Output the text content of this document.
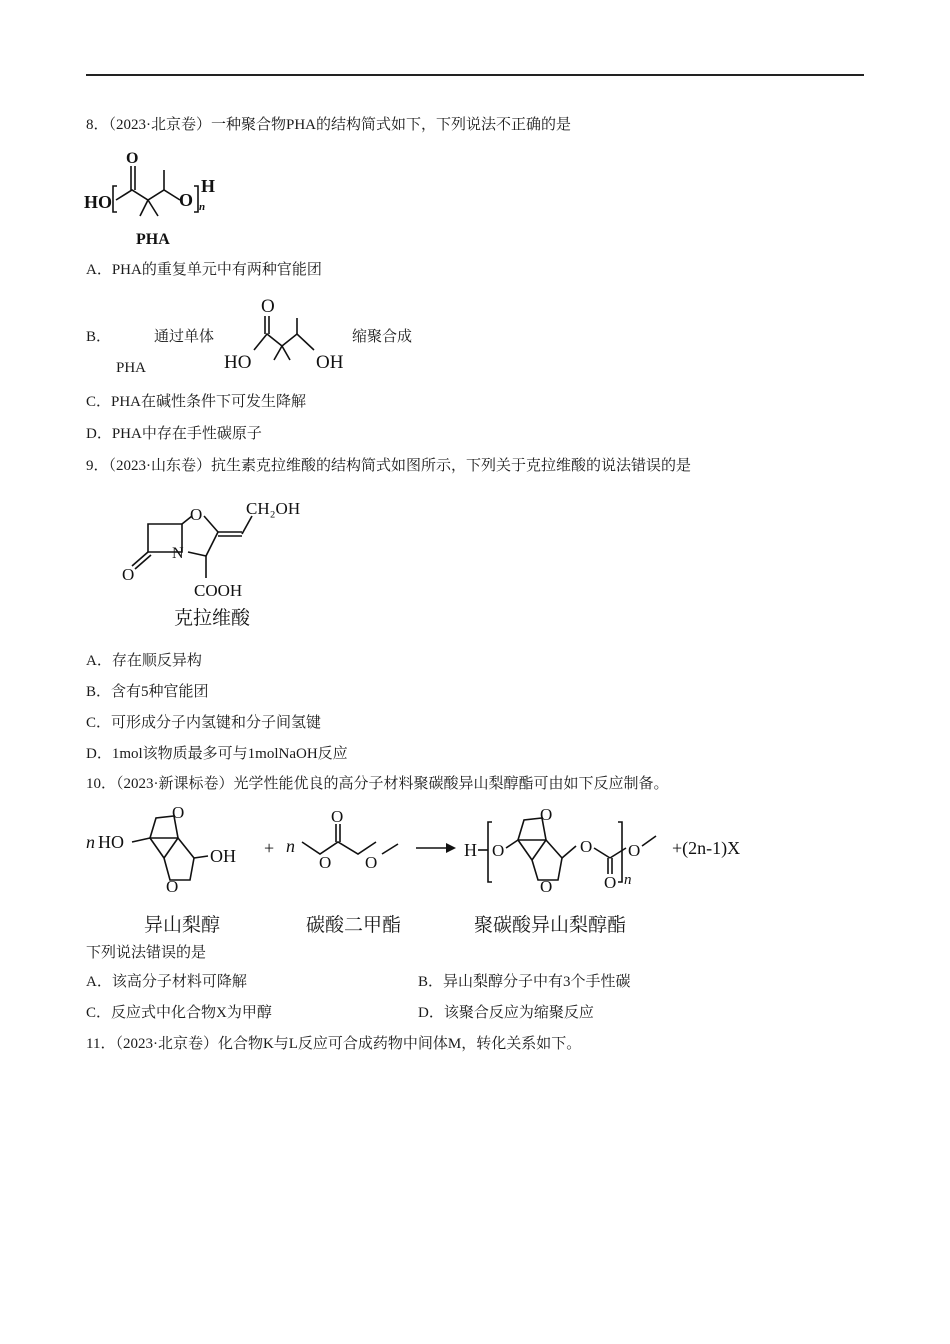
8．（2023·北京卷）一种聚合物PHA的结构简式如下，下列说法不正确的是
HO
O
O
H
n
PHA
A．PHA的重复单元中有两种官能团
B．	通过单体
PHA
O
HO	OH
缩聚合成
C．PHA在碱性条件下可发生降解
D．PHA中存在手性碳原子
9．（2023·山东卷）抗生素克拉维酸的结构简式如图所示，下列关于克拉维酸的说法错误的是
O
N
O	CH₂OH
COOH
克拉维酸
A．存在顺反异构
B．含有5种官能团
C．可形成分子内氢键和分子间氢键
D．1mol该物质最多可与1molNaOH反应
10．（2023·新课标卷）光学性能优良的高分子材料聚碳酸异山梨醇酯可由如下反应制备。
n HO
O
O
OH + n
O
O O
H O
O
O
O
O n
O +(2n-1)X
异山梨醇	碳酸二甲酯	聚碳酸异山梨醇酯
下列说法错误的是
A．该高分子材料可降解	B．异山梨醇分子中有3个手性碳
C．反应式中化合物X为甲醇	D．该聚合反应为缩聚反应
11．（2023·北京卷）化合物K与L反应可合成药物中间体M，转化关系如下。
